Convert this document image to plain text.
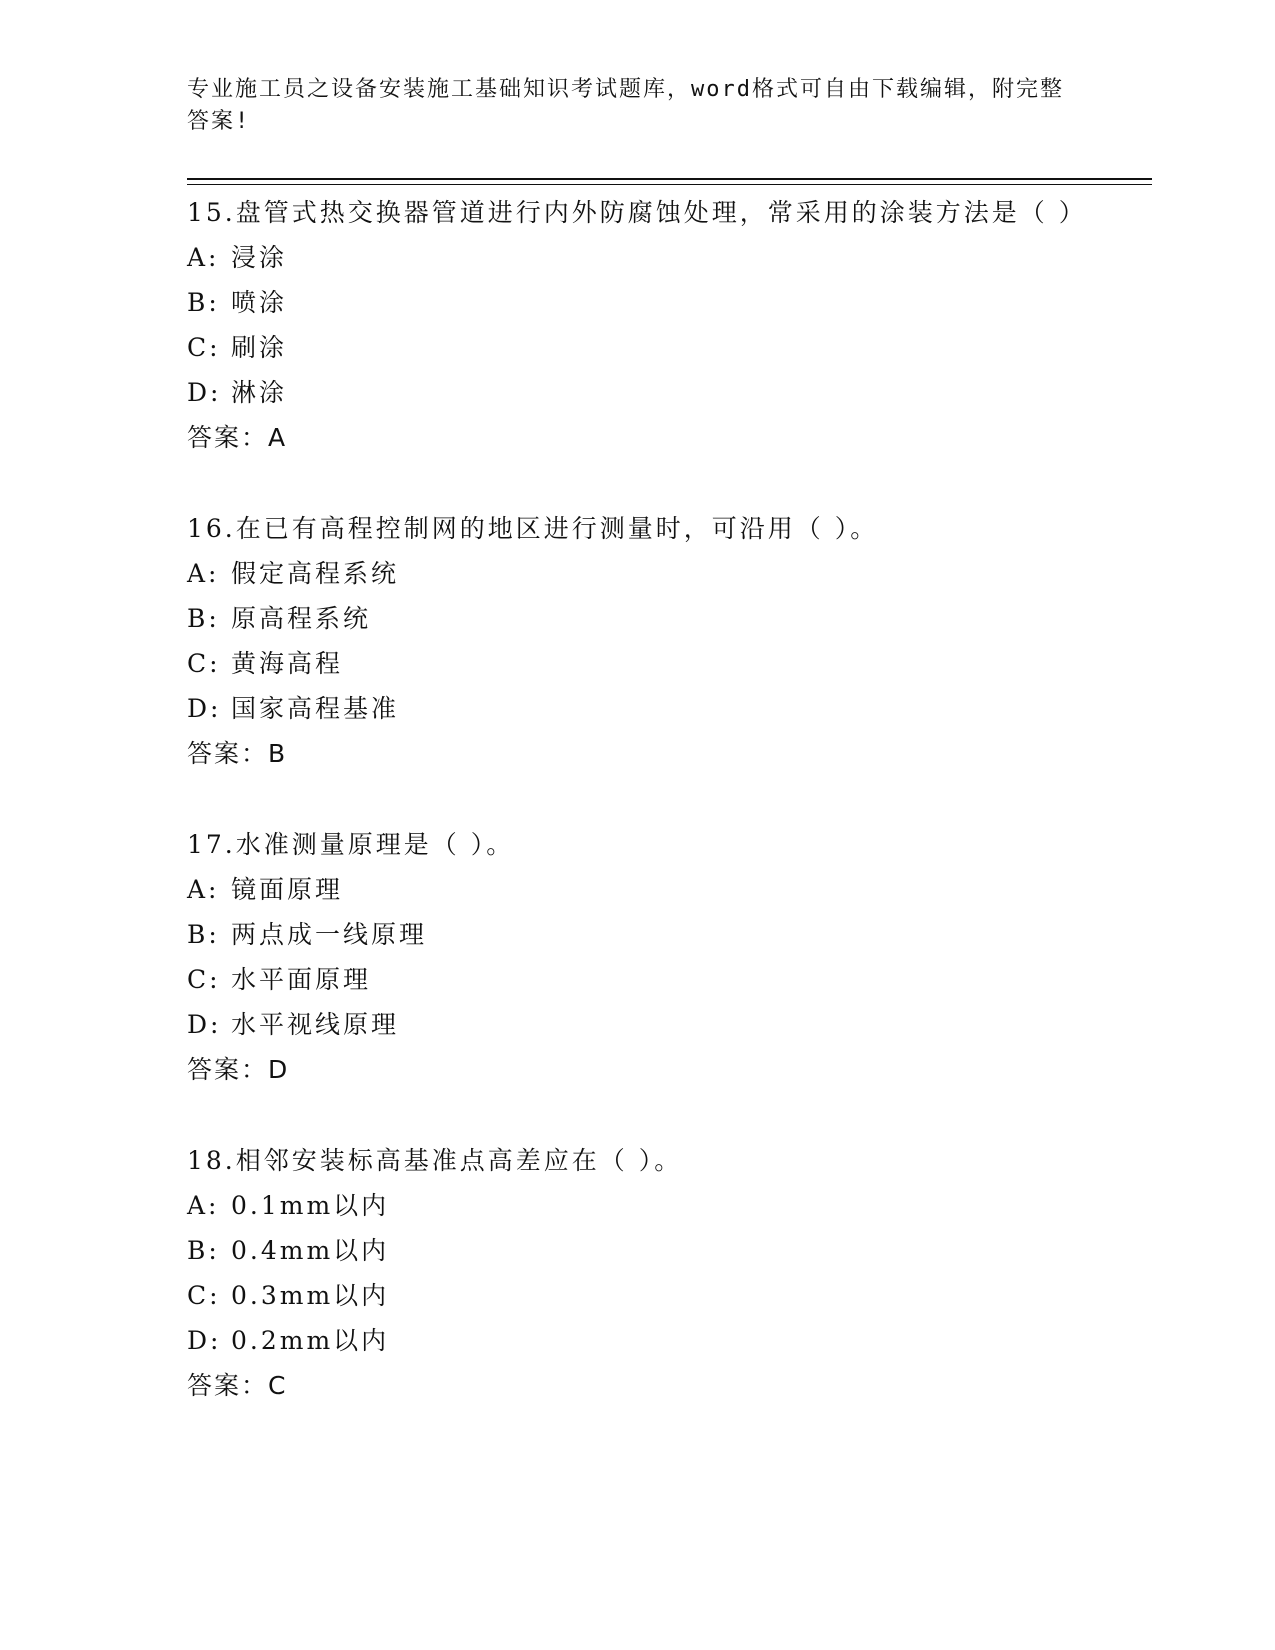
专业施工员之设备安装施工基础知识考试题库，word格式可自由下载编辑，附完整答案!

15.盘管式热交换器管道进行内外防腐蚀处理，常采用的涂装方法是（ ）

A: 浸涂

B: 喷涂

C: 刷涂

D: 淋涂

答案：A

16.在已有高程控制网的地区进行测量时，可沿用（ ）。

A: 假定高程系统

B: 原高程系统

C: 黄海高程

D: 国家高程基准

答案：B

17.水准测量原理是（ ）。

A: 镜面原理

B: 两点成一线原理

C: 水平面原理

D: 水平视线原理

答案：D

18.相邻安装标高基准点高差应在（ ）。

A: 0.1mm以内

B: 0.4mm以内

C: 0.3mm以内

D: 0.2mm以内

答案：C
